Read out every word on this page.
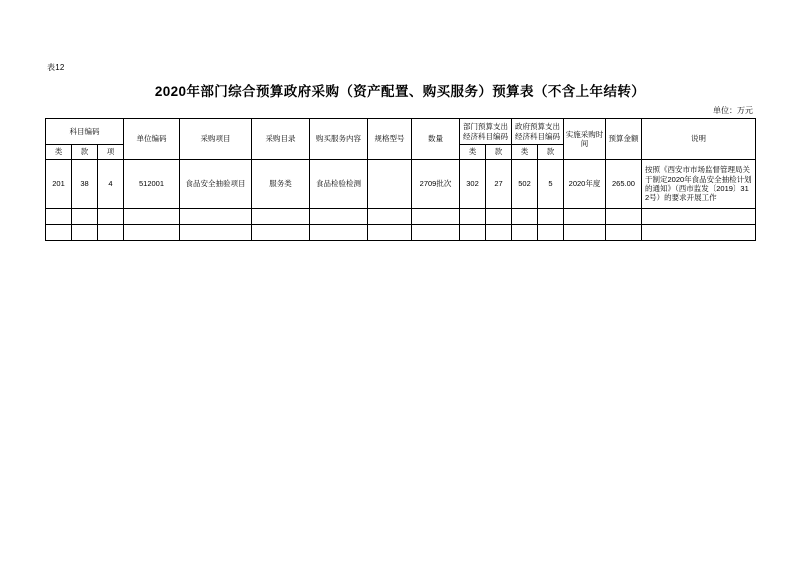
表12
2020年部门综合预算政府采购（资产配置、购买服务）预算表（不含上年结转）
单位：万元
科目编码			单位编码	采购项目	采购目录	购买服务内容	规格型号	数量	部门预算支出经济科目编码		政府预算支出经济科目编码		实施采购时间	预算金额	说明
类	款	项							类	款	类	款			
201	38	4	512001	食品安全抽验项目	服务类	食品检验检测		2709批次	302	27	502	5	2020年度	265.00	按照《西安市市场监督管理局关于制定2020年食品安全抽检计划的通知》（西市监发〔2019〕312号）的要求开展工作
